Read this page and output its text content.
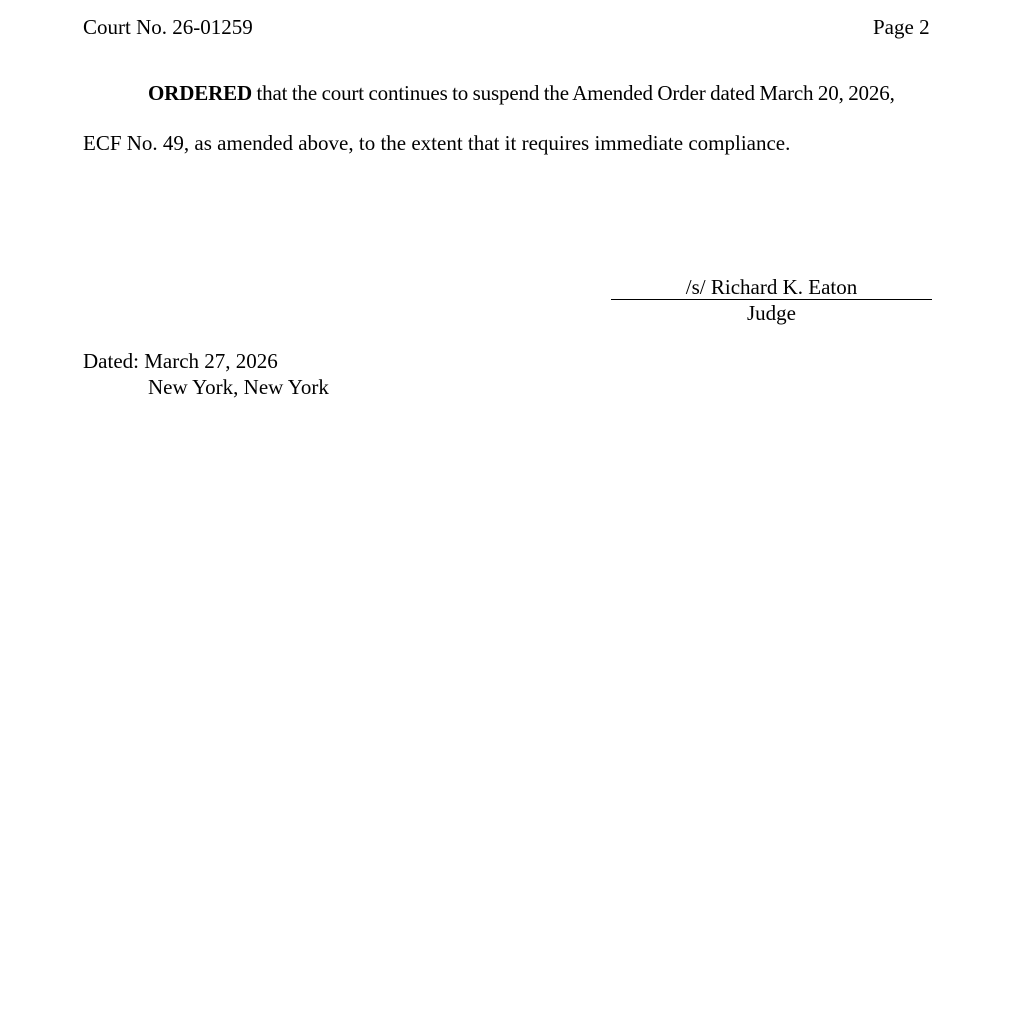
Court No. 26-01259	Page 2
ORDERED that the court continues to suspend the Amended Order dated March 20, 2026,
ECF No. 49, as amended above, to the extent that it requires immediate compliance.
/s/ Richard K. Eaton
Judge
Dated: March 27, 2026
New York, New York
